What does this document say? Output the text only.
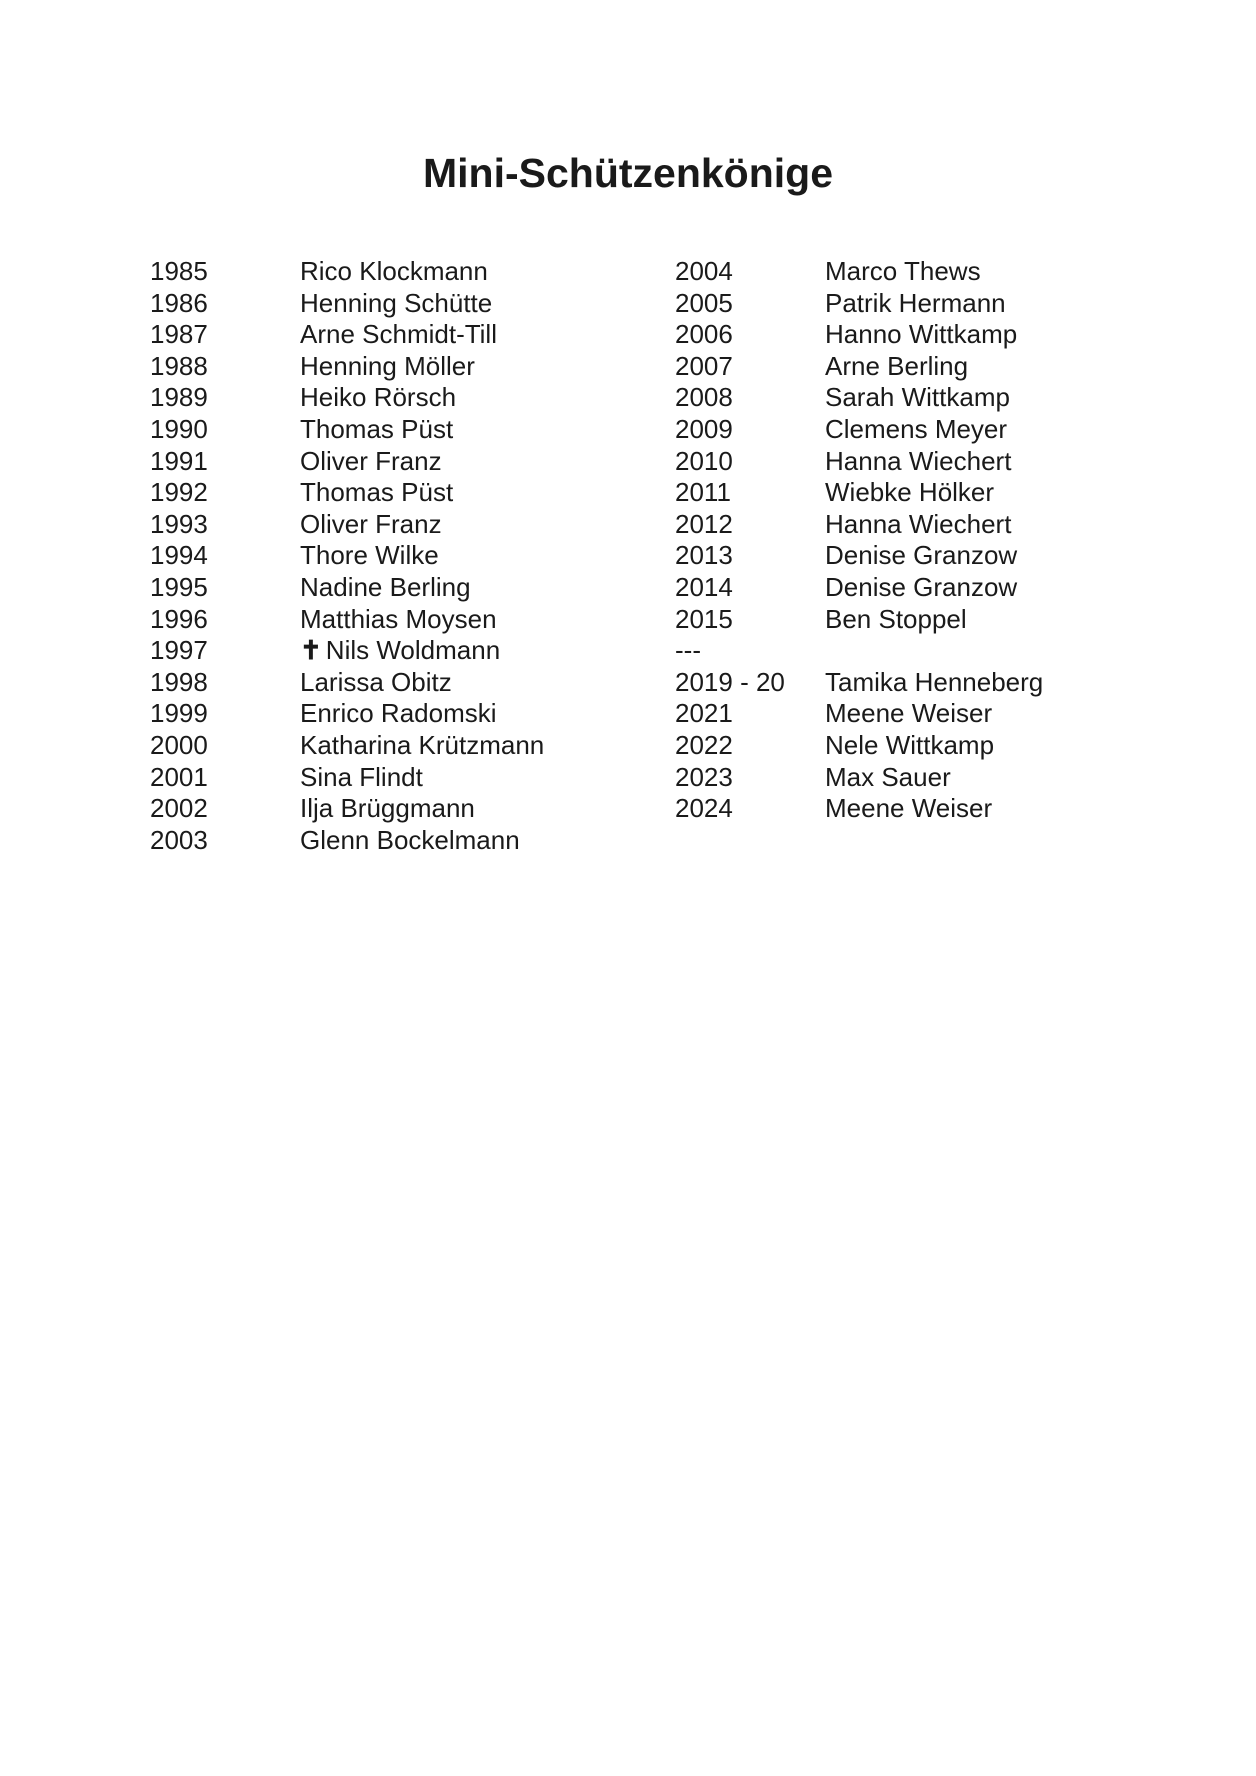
Mini-Schützenkönige
1985	Rico Klockmann
1986	Henning Schütte
1987	Arne Schmidt-Till
1988	Henning Möller
1989	Heiko Rörsch
1990	Thomas Püst
1991	Oliver Franz
1992	Thomas Püst
1993	Oliver Franz
1994	Thore Wilke
1995	Nadine Berling
1996	Matthias Moysen
1997	✝ Nils Woldmann
1998	Larissa Obitz
1999	Enrico Radomski
2000	Katharina Krützmann
2001	Sina Flindt
2002	Ilja Brüggmann
2003	Glenn Bockelmann
2004	Marco Thews
2005	Patrik Hermann
2006	Hanno Wittkamp
2007	Arne Berling
2008	Sarah Wittkamp
2009	Clemens Meyer
2010	Hanna Wiechert
2011	Wiebke Hölker
2012	Hanna Wiechert
2013	Denise Granzow
2014	Denise Granzow
2015	Ben Stoppel
---
2019 - 20	Tamika Henneberg
2021	Meene Weiser
2022	Nele Wittkamp
2023	Max Sauer
2024	Meene Weiser
